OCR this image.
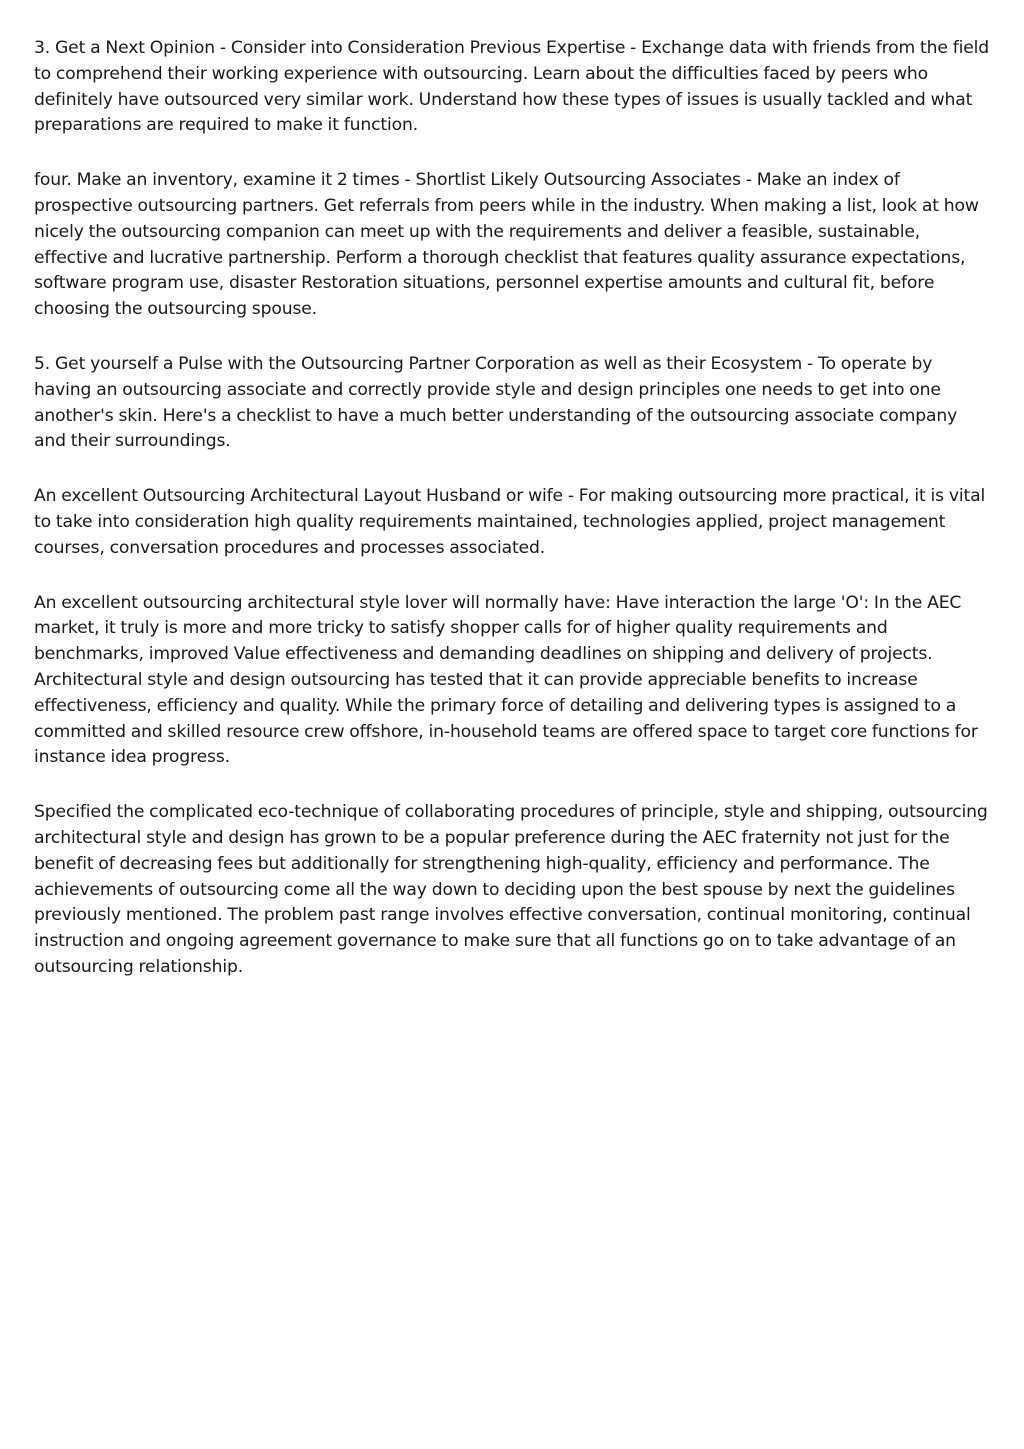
3. Get a Next Opinion - Consider into Consideration Previous Expertise - Exchange data with friends from the field to comprehend their working experience with outsourcing. Learn about the difficulties faced by peers who definitely have outsourced very similar work. Understand how these types of issues is usually tackled and what preparations are required to make it function.

four. Make an inventory, examine it 2 times - Shortlist Likely Outsourcing Associates - Make an index of prospective outsourcing partners. Get referrals from peers while in the industry. When making a list, look at how nicely the outsourcing companion can meet up with the requirements and deliver a feasible, sustainable, effective and lucrative partnership. Perform a thorough checklist that features quality assurance expectations, software program use, disaster Restoration situations, personnel expertise amounts and cultural fit, before choosing the outsourcing spouse.

5. Get yourself a Pulse with the Outsourcing Partner Corporation as well as their Ecosystem - To operate by having an outsourcing associate and correctly provide style and design principles one needs to get into one another's skin. Here's a checklist to have a much better understanding of the outsourcing associate company and their surroundings.

An excellent Outsourcing Architectural Layout Husband or wife - For making outsourcing more practical, it is vital to take into consideration high quality requirements maintained, technologies applied, project management courses, conversation procedures and processes associated.

An excellent outsourcing architectural style lover will normally have: Have interaction the large 'O': In the AEC market, it truly is more and more tricky to satisfy shopper calls for of higher quality requirements and benchmarks, improved Value effectiveness and demanding deadlines on shipping and delivery of projects. Architectural style and design outsourcing has tested that it can provide appreciable benefits to increase effectiveness, efficiency and quality. While the primary force of detailing and delivering types is assigned to a committed and skilled resource crew offshore, in-household teams are offered space to target core functions for instance idea progress.

Specified the complicated eco-technique of collaborating procedures of principle, style and shipping, outsourcing architectural style and design has grown to be a popular preference during the AEC fraternity not just for the benefit of decreasing fees but additionally for strengthening high-quality, efficiency and performance. The achievements of outsourcing come all the way down to deciding upon the best spouse by next the guidelines previously mentioned. The problem past range involves effective conversation, continual monitoring, continual instruction and ongoing agreement governance to make sure that all functions go on to take advantage of an outsourcing relationship.
